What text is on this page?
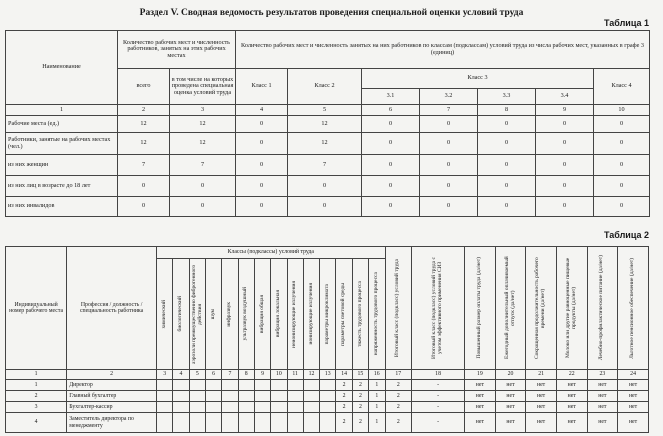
Раздел V. Сводная ведомость результатов проведения специальной оценки условий труда
Таблица 1
Наименование	Количество рабочих мест и численность работников, занятых на этих рабочих местах		Количество рабочих мест и численность занятых на них работников по классам (подклассам) условий труда из числа рабочих мест, указанных в графе 3 (единиц)						
	всего	в том числе на которых проведена специальная оценка условий труда	Класс 1	Класс 2	Класс 3				Класс 4
					3.1	3.2	3.3	3.4	
1	2	3	4	5	6	7	8	9	10
Рабочие места (ед.)	12	12	0	12	0	0	0	0	0
Работники, занятые на рабочих местах (чел.)	12	12	0	12	0	0	0	0	0
из них женщин	7	7	0	7	0	0	0	0	0
из них лиц в возрасте до 18 лет	0	0	0	0	0	0	0	0	0
из них инвалидов	0	0	0	0	0	0	0	0	0
Таблица 2
Индивидуальный номер рабочего места	Профессия / должность / специальность работника	Классы (подклассы) условий труда														Итоговый класс (подкласс) условий труда	Итоговый класс (подкласс) условий труда с учетом эффективного применения СИЗ	Повышенный размер оплаты труда (да/нет)	Ежегодный дополнительный оплачиваемый отпуск (да/нет)	Сокращенная продолжительность рабочего времени (да/нет)	Молоко или другие равноценные пищевые продукты (да/нет)	Лечебно-профилактическое питание (да/нет)	Льготное пенсионное обеспечение (да/нет)

		химический	биологический	аэрозоли преимущественно фиброгенного действия	шум	инфразвук	ультразвук воздушный	вибрация общая	вибрация локальная	неионизирующие излучения	ионизирующие излучения	параметры микроклимата	параметры световой среды	тяжесть трудового процесса	напряженность трудового процесса								

1	2	3	4	5	6	7	8	9	10	11	12	13	14	15	16	17	18	19	20	21	22	23	24
1	Директор												2	2	1	2	-	нет	нет	нет	нет	нет	нет
2	Главный бухгалтер												2	2	1	2	-	нет	нет	нет	нет	нет	нет
3	Бухгалтер-кассир												2	2	1	2	-	нет	нет	нет	нет	нет	нет
4	Заместитель директора по менеджменту												2	2	1	2	-	нет	нет	нет	нет	нет	нет
